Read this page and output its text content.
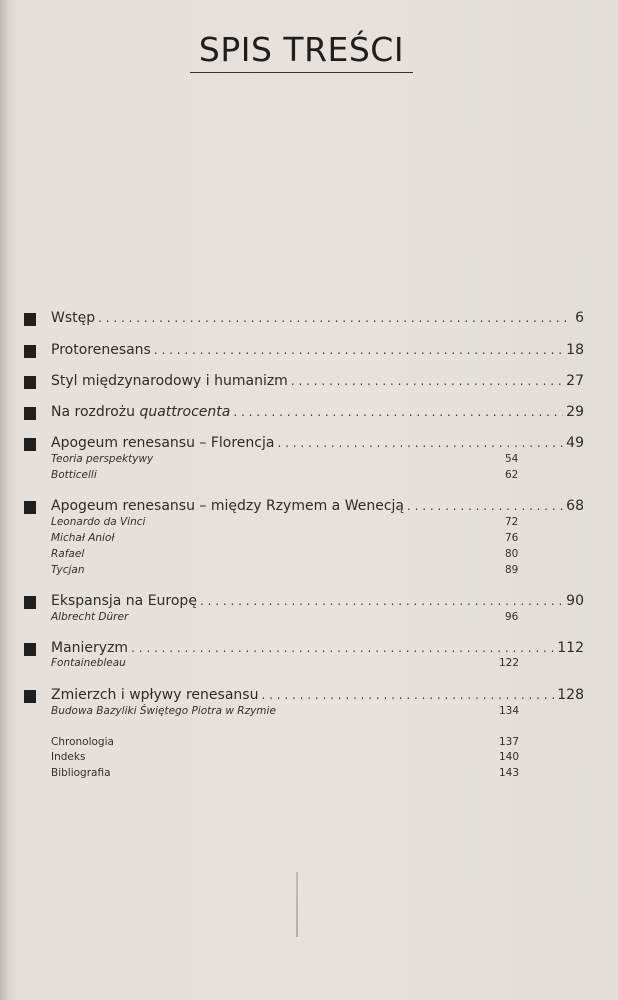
SPIS TREŚCI
Wstęp . . .	6
Protorenesans . . .	18
Styl międzynarodowy i humanizm . . .	27
Na rozdrożu quattrocenta . . .	29
Apogeum renesansu – Florencja . . .	49
Teoria perspektywy	54
Botticelli	62
Apogeum renesansu – między Rzymem a Wenecją . . .	68
Leonardo da Vinci	72
Michał Anioł	76
Rafael	80
Tycjan	89
Ekspansja na Europę . . .	90
Albrecht Dürer	96
Manieryzm . . .	112
Fontainebleau	122
Zmierzch i wpływy renesansu . . .	128
Budowa Bazyliki Świętego Piotra w Rzymie	134
Chronologia	137
Indeks	140
Bibliografia	143
